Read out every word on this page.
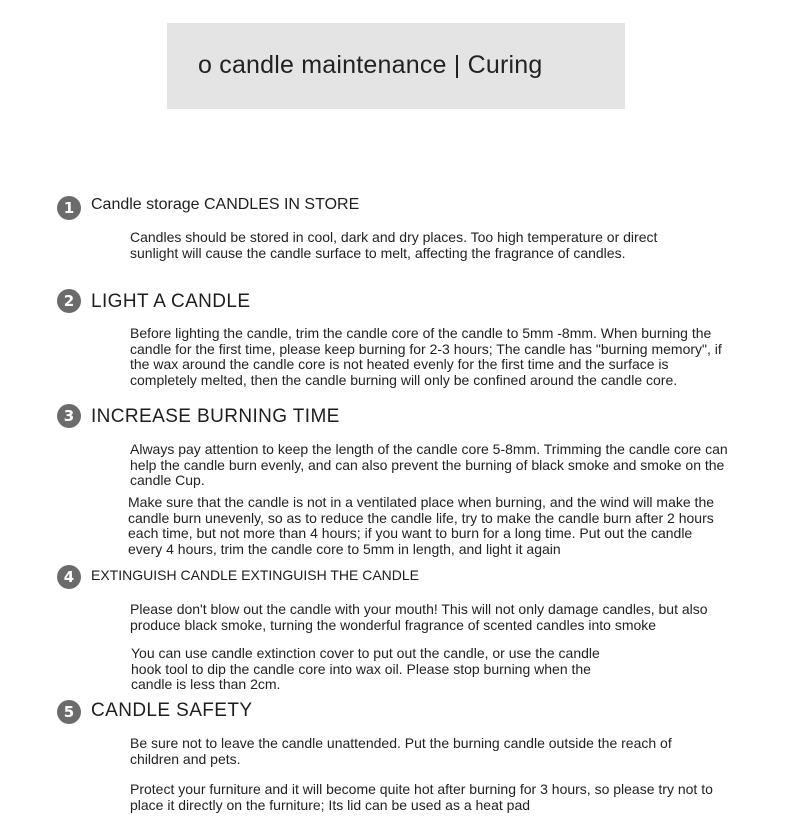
o candle maintenance | Curing
1	Candle storage CANDLES IN STORE
Candles should be stored in cool, dark and dry places. Too high temperature or direct sunlight will cause the candle surface to melt, affecting the fragrance of candles.
2 LIGHT A CANDLE
Before lighting the candle, trim the candle core of the candle to 5mm -8mm. When burning the candle for the first time, please keep burning for 2-3 hours; The candle has "burning memory", if the wax around the candle core is not heated evenly for the first time and the surface is completely melted, then the candle burning will only be confined around the candle core.
3 INCREASE BURNING TIME
Always pay attention to keep the length of the candle core 5-8mm. Trimming the candle core can help the candle burn evenly, and can also prevent the burning of black smoke and smoke on the candle Cup.
Make sure that the candle is not in a ventilated place when burning, and the wind will make the candle burn unevenly, so as to reduce the candle life, try to make the candle burn after 2 hours each time, but not more than 4 hours; if you want to burn for a long time. Put out the candle every 4 hours, trim the candle core to 5mm in length, and light it again
4	EXTINGUISH CANDLE EXTINGUISH THE CANDLE
Please don't blow out the candle with your mouth! This will not only damage candles, but also produce black smoke, turning the wonderful fragrance of scented candles into smoke
You can use candle extinction cover to put out the candle, or use the candle hook tool to dip the candle core into wax oil. Please stop burning when the candle is less than 2cm.
5 CANDLE SAFETY
Be sure not to leave the candle unattended. Put the burning candle outside the reach of children and pets.
Protect your furniture and it will become quite hot after burning for 3 hours, so please try not to place it directly on the furniture; Its lid can be used as a heat pad
